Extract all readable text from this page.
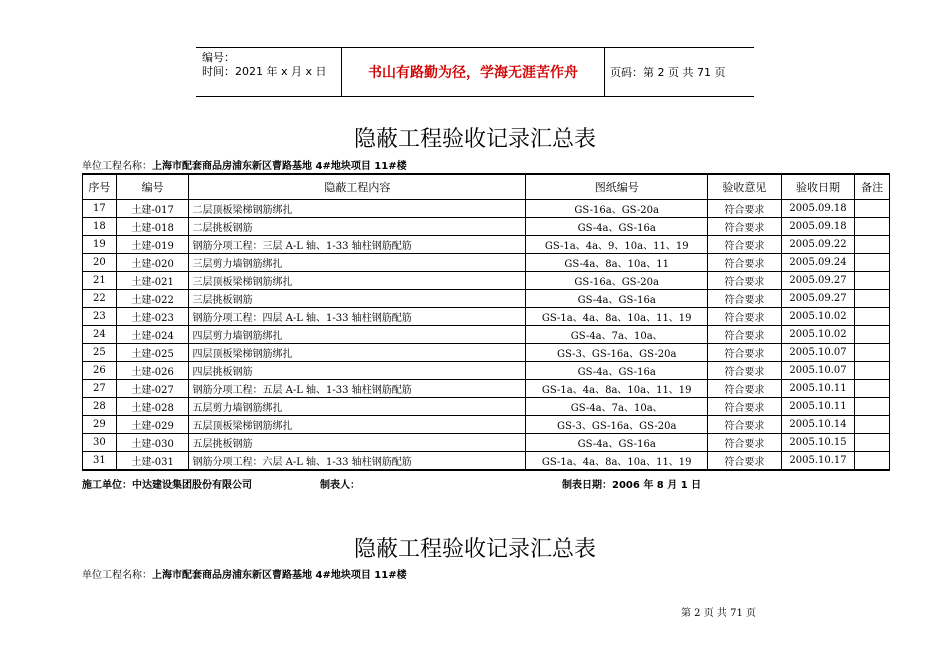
编号：
时间：2021 年 x 月 x 日	书山有路勤为径，学海无涯苦作舟	页码：第 2 页 共 71 页
隐蔽工程验收记录汇总表
单位工程名称：上海市配套商品房浦东新区曹路基地 4#地块项目 11#楼
序号	编号	隐蔽工程内容	图纸编号	验收意见	验收日期	备注
17	土建-017	二层顶板梁梯钢筋绑扎	GS-16a、GS-20a	符合要求	2005.09.18	
18	土建-018	二层挑板钢筋	GS-4a、GS-16a	符合要求	2005.09.18	
19	土建-019	钢筋分项工程：三层 A-L 轴、1-33 轴柱钢筋配筋	GS-1a、4a、9、10a、11、19	符合要求	2005.09.22	
20	土建-020	三层剪力墙钢筋绑扎	GS-4a、8a、10a、11	符合要求	2005.09.24	
21	土建-021	三层顶板梁梯钢筋绑扎	GS-16a、GS-20a	符合要求	2005.09.27	
22	土建-022	三层挑板钢筋	GS-4a、GS-16a	符合要求	2005.09.27	
23	土建-023	钢筋分项工程：四层 A-L 轴、1-33 轴柱钢筋配筋	GS-1a、4a、8a、10a、11、19	符合要求	2005.10.02	
24	土建-024	四层剪力墙钢筋绑扎	GS-4a、7a、10a、	符合要求	2005.10.02	
25	土建-025	四层顶板梁梯钢筋绑扎	GS-3、GS-16a、GS-20a	符合要求	2005.10.07	
26	土建-026	四层挑板钢筋	GS-4a、GS-16a	符合要求	2005.10.07	
27	土建-027	钢筋分项工程：五层 A-L 轴、1-33 轴柱钢筋配筋	GS-1a、4a、8a、10a、11、19	符合要求	2005.10.11	
28	土建-028	五层剪力墙钢筋绑扎	GS-4a、7a、10a、	符合要求	2005.10.11	
29	土建-029	五层顶板梁梯钢筋绑扎	GS-3、GS-16a、GS-20a	符合要求	2005.10.14	
30	土建-030	五层挑板钢筋	GS-4a、GS-16a	符合要求	2005.10.15	
31	土建-031	钢筋分项工程：六层 A-L 轴、1-33 轴柱钢筋配筋	GS-1a、4a、8a、10a、11、19	符合要求	2005.10.17	
施工单位：中达建设集团股份有限公司	制表人：	制表日期：2006 年 8 月 1 日
隐蔽工程验收记录汇总表
单位工程名称：上海市配套商品房浦东新区曹路基地 4#地块项目 11#楼
第 2 页 共 71 页
